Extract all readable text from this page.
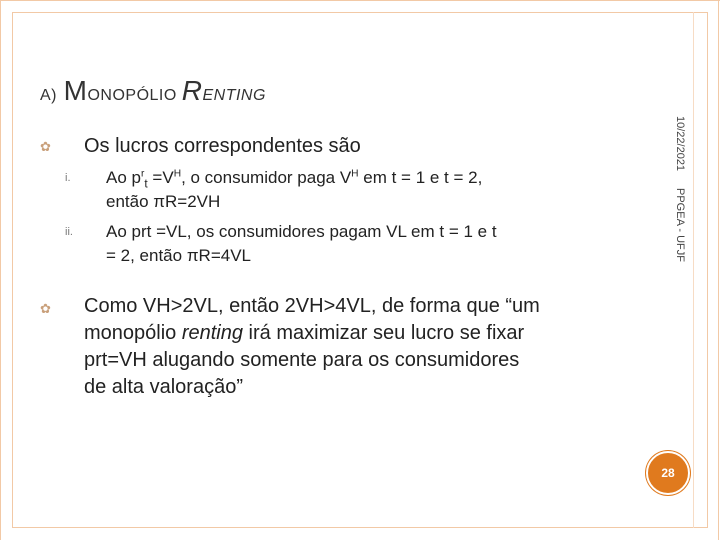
A) MONOPÓLIO RENTING
10/22/2021
PPGEA - UFJF
✿ Os lucros correspondentes são
i. Ao $p^r_t =V^H$, o consumidor paga $V^H$ em t = 1 e t = 2,
então πR=2VH
ii. Ao prt =VL, os consumidores pagam VL em t = 1 e t
= 2, então πR=4VL
✿ Como VH>2VL, então 2VH>4VL, de forma que “um
monopólio renting irá maximizar seu lucro se fixar
prt=VH alugando somente para os consumidores
de alta valoração”
28
